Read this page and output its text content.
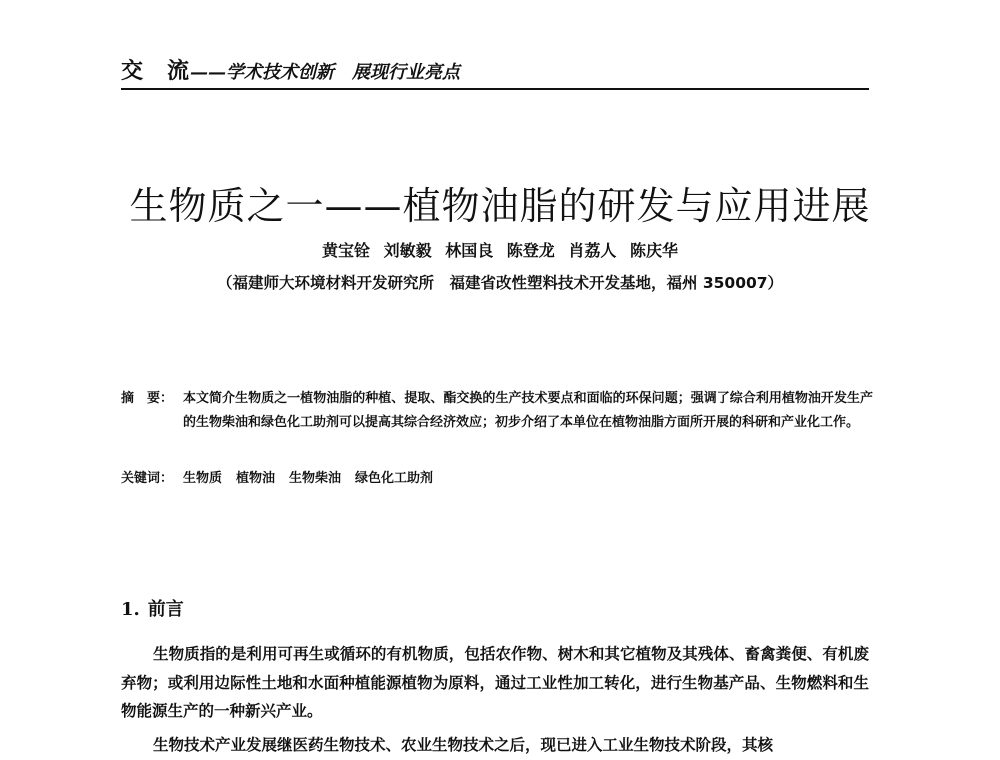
交　流——学术技术创新　展现行业亮点
生物质之一——植物油脂的研发与应用进展
黄宝铨 刘敏毅 林国良 陈登龙 肖荔人 陈庆华
（福建师大环境材料开发研究所　福建省改性塑料技术开发基地，福州 350007）
摘　要： 本文简介生物质之一植物油脂的种植、提取、酯交换的生产技术要点和面临的环保问题；强调了综合利用植物油开发生产的生物柴油和绿色化工助剂可以提高其综合经济效应；初步介绍了本单位在植物油脂方面所开展的科研和产业化工作。
关键词： 生物质 植物油 生物柴油 绿色化工助剂
1. 前言

生物质指的是利用可再生或循环的有机物质，包括农作物、树木和其它植物及其残体、畜禽粪便、有机废弃物；或利用边际性土地和水面种植能源植物为原料，通过工业性加工转化，进行生物基产品、生物燃料和生物能源生产的一种新兴产业。

生物技术产业发展继医药生物技术、农业生物技术之后，现已进入工业生物技术阶段，其核
